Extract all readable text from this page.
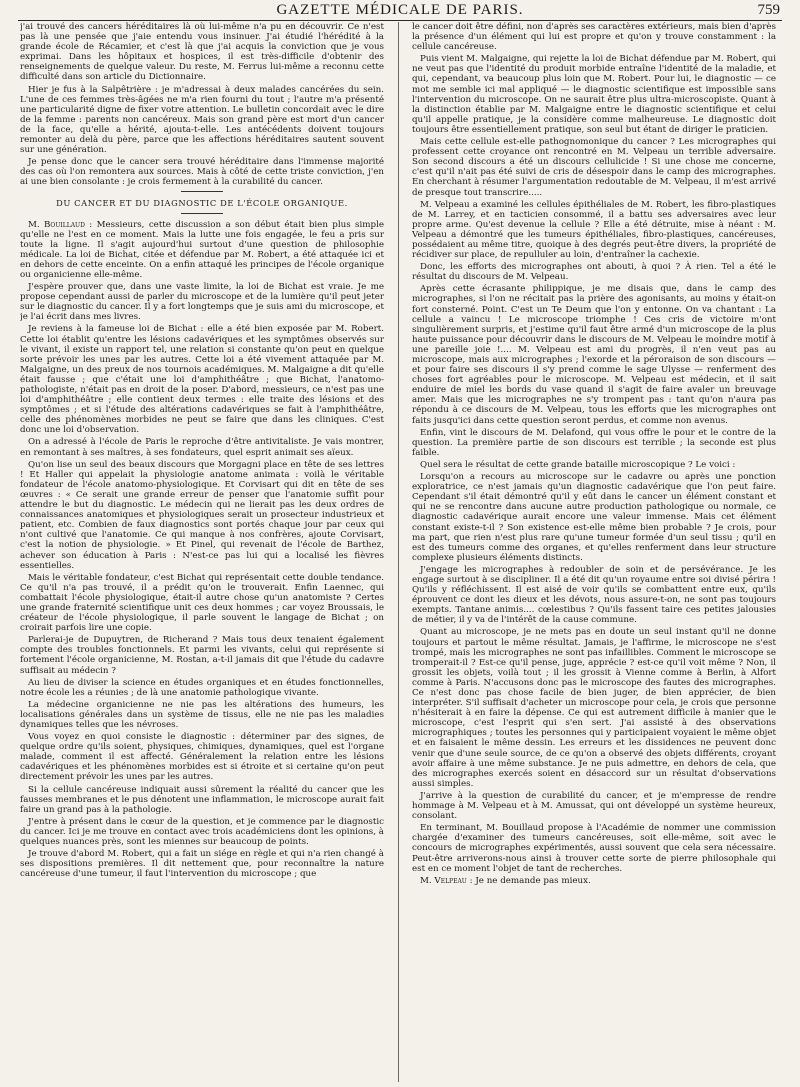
GAZETTE MÉDICALE DE PARIS.	759

j'ai trouvé des cancers héréditaires là où lui-même n'a pu en découvrir. Ce n'est pas là une pensée que j'aie entendu vous insinuer. J'ai étudié l'hérédité à la grande école de Récamier, et c'est là que j'ai acquis la conviction que je vous exprimai. Dans les hôpitaux et hospices, il est très-difficile d'obtenir des renseignements de quelque valeur. Du reste, M. Ferrus lui-même a reconnu cette difficulté dans son article du Dictionnaire.

Hier je fus à la Salpêtrière : je m'adressai à deux malades cancérées du sein. L'une de ces femmes très-âgées ne m'a rien fourni du tout ; l'autre m'a présenté une particularité digne de fixer votre attention. Le bulletin concordait avec le dire de la femme : parents non cancéreux. Mais son grand père est mort d'un cancer de la face, qu'elle a hérité, ajouta-t-elle. Les antécédents doivent toujours remonter au delà du père, parce que les affections héréditaires sautent souvent sur une génération.

Je pense donc que le cancer sera trouvé héréditaire dans l'immense majorité des cas où l'on remontera aux sources. Mais à côté de cette triste conviction, j'en ai une bien consolante : je crois fermement à la curabilité du cancer.

DU CANCER ET DU DIAGNOSTIC DE L'ÉCOLE ORGANIQUE.

M. Bouillaud : Messieurs, cette discussion a son début était bien plus simple qu'elle ne l'est en ce moment. Mais la lutte une fois engagée, le feu a pris sur toute la ligne. Il s'agit aujourd'hui surtout d'une question de philosophie médicale. La loi de Bichat, citée et défendue par M. Robert, a été attaquée ici et en dehors de cette enceinte. On a enfin attaqué les principes de l'école organique ou organicienne elle-même.

J'espère prouver que, dans une vaste limite, la loi de Bichat est vraie. Je me propose cependant aussi de parler du microscope et de la lumière qu'il peut jeter sur le diagnostic du cancer. Il y a fort longtemps que je suis ami du microscope, et je l'ai écrit dans mes livres.

Je reviens à la fameuse loi de Bichat : elle a été bien exposée par M. Robert. Cette loi établit qu'entre les lésions cadavériques et les symptômes observés sur le vivant, il existe un rapport tel, une relation si constante qu'on peut en quelque sorte prévoir les unes par les autres. Cette loi a été vivement attaquée par M. Malgaigne, un des preux de nos tournois académiques. M. Malgaigne a dit qu'elle était fausse ; que c'était une loi d'amphithéâtre ; que Bichat, l'anatomo-pathologiste, n'était pas en droit de la poser. D'abord, messieurs, ce n'est pas une loi d'amphithéâtre ; elle contient deux termes : elle traite des lésions et des symptômes ; et si l'étude des altérations cadavériques se fait à l'amphithéâtre, celle des phénomènes morbides ne peut se faire que dans les cliniques. C'est donc une loi d'observation.

On a adressé à l'école de Paris le reproche d'être antivitaliste. Je vais montrer, en remontant à ses maîtres, à ses fondateurs, quel esprit animait ses aïeux.

Qu'on lise un seul des beaux discours que Morgagni place en tête de ses lettres ! Et Haller qui appelait la physiologie anatome animata : voilà le véritable fondateur de l'école anatomo-physiologique. Et Corvisart qui dit en tête de ses œuvres : « Ce serait une grande erreur de penser que l'anatomie suffit pour attendre le but du diagnostic. Le médecin qui ne lierait pas les deux ordres de connaissances anatomiques et physiologiques serait un prosecteur industrieux et patient, etc. Combien de faux diagnostics sont portés chaque jour par ceux qui n'ont cultivé que l'anatomie. Ce qui manque à nos confrères, ajoute Corvisart, c'est la notion de physiologie. » Et Pinel, qui revenait de l'école de Barthez, achever son éducation à Paris : N'est-ce pas lui qui a localisé les fièvres essentielles.

Mais le véritable fondateur, c'est Bichat qui représentait cette double tendance. Ce qu'il n'a pas trouvé, il a prédit qu'on le trouverait. Enfin Laennec, qui combattait l'école physiologique, était-il autre chose qu'un anatomiste ? Certes une grande fraternité scientifique unit ces deux hommes ; car voyez Broussais, le créateur de l'école physiologique, il parle souvent le langage de Bichat ; on croirait parfois lire une copie.

Parlerai-je de Dupuytren, de Richerand ? Mais tous deux tenaient également compte des troubles fonctionnels. Et parmi les vivants, celui qui représente si fortement l'école organicienne, M. Rostan, a-t-il jamais dit que l'étude du cadavre suffisait au médecin ?

Au lieu de diviser la science en études organiques et en études fonctionnelles, notre école les a réunies ; de là une anatomie pathologique vivante.

La médecine organicienne ne nie pas les altérations des humeurs, les localisations générales dans un système de tissus, elle ne nie pas les maladies dynamiques telles que les névroses.

Vous voyez en quoi consiste le diagnostic : déterminer par des signes, de quelque ordre qu'ils soient, physiques, chimiques, dynamiques, quel est l'organe malade, comment il est affecté. Généralement la relation entre les lésions cadavériques et les phénomènes morbides est si étroite et si certaine qu'on peut directement prévoir les unes par les autres.

Si la cellule cancéreuse indiquait aussi sûrement la réalité du cancer que les fausses membranes et le pus dénotent une inflammation, le microscope aurait fait faire un grand pas à la pathologie.

J'entre à présent dans le cœur de la question, et je commence par le diagnostic du cancer. Ici je me trouve en contact avec trois académiciens dont les opinions, à quelques nuances près, sont les miennes sur beaucoup de points.

Je trouve d'abord M. Robert, qui a fait un siége en règle et qui n'a rien changé à ses dispositions premières. Il dit nettement que, pour reconnaître la nature cancéreuse d'une tumeur, il faut l'intervention du microscope ; que

le cancer doit être défini, non d'après ses caractères extérieurs, mais bien d'après la présence d'un élément qui lui est propre et qu'on y trouve constamment : la cellule cancéreuse.

Puis vient M. Malgaigne, qui rejette la loi de Bichat défendue par M. Robert, qui ne veut pas que l'identité du produit morbide entraîne l'identité de la maladie, et qui, cependant, va beaucoup plus loin que M. Robert. Pour lui, le diagnostic — ce mot me semble ici mal appliqué — le diagnostic scientifique est impossible sans l'intervention du microscope. On ne saurait être plus ultra-microscopiste. Quant à la distinction établie par M. Malgaigne entre le diagnostic scientifique et celui qu'il appelle pratique, je la considère comme malheureuse. Le diagnostic doit toujours être essentiellement pratique, son seul but étant de diriger le praticien.

Mais cette cellule est-elle pathognomonique du cancer ? Les micrographes qui professent cette croyance ont rencontré en M. Velpeau un terrible adversaire. Son second discours a été un discours cellulicide ! Si une chose me concerne, c'est qu'il n'ait pas été suivi de cris de désespoir dans le camp des micrographes. En cherchant à résumer l'argumentation redoutable de M. Velpeau, il m'est arrivé de presque tout transcrire.....

M. Velpeau a examiné les cellules épithéliales de M. Robert, les fibro-plastiques de M. Larrey, et en tacticien consommé, il a battu ses adversaires avec leur propre arme. Qu'est devenue la cellule ? Elle a été détruite, mise à néant : M. Velpeau a démontré que les tumeurs épithéliales, fibro-plastiques, cancéreuses, possédaient au même titre, quoique à des degrés peut-être divers, la propriété de récidiver sur place, de repulluler au loin, d'entraîner la cachexie.

Donc, les efforts des micrographes ont abouti, à quoi ? À rien. Tel a été le résultat du discours de M. Velpeau.

Après cette écrasante philippique, je me disais que, dans le camp des micrographes, si l'on ne récitait pas la prière des agonisants, au moins y était-on fort consterné. Point. C'est un Te Deum que l'on y entonne. On va chantant : La cellule a vaincu ! Le microscope triomphe ! Ces cris de victoire m'ont singulièrement surpris, et j'estime qu'il faut être armé d'un microscope de la plus haute puissance pour découvrir dans le discours de M. Velpeau le moindre motif à une pareille joie !.... M. Velpeau est ami du progrès, il n'en veut pas au microscope, mais aux micrographes ; l'exorde et la péroraison de son discours — et pour faire ses discours il s'y prend comme le sage Ulysse — renferment des choses fort agréables pour le microscope. M. Velpeau est médecin, et il sait enduire de miel les bords du vase quand il s'agit de faire avaler un breuvage amer. Mais que les micrographes ne s'y trompent pas : tant qu'on n'aura pas répondu à ce discours de M. Velpeau, tous les efforts que les micrographes ont faits jusqu'ici dans cette question seront perdus, et comme non avenus.

Enfin, vint le discours de M. Delafond, qui vous offre le pour et le contre de la question. La première partie de son discours est terrible ; la seconde est plus faible.

Quel sera le résultat de cette grande bataille microscopique ? Le voici :

Lorsqu'on a recours au microscope sur le cadavre ou après une ponction exploratrice, ce n'est jamais qu'un diagnostic cadavérique que l'on peut faire. Cependant s'il était démontré qu'il y eût dans le cancer un élément constant et qui ne se rencontre dans aucune autre production pathologique ou normale, ce diagnostic cadavérique aurait encore une valeur immense. Mais cet élément constant existe-t-il ? Son existence est-elle même bien probable ? Je crois, pour ma part, que rien n'est plus rare qu'une tumeur formée d'un seul tissu ; qu'il en est des tumeurs comme des organes, et qu'elles renferment dans leur structure complexe plusieurs éléments distincts.

J'engage les micrographes à redoubler de soin et de persévérance. Je les engage surtout à se discipliner. Il a été dit qu'un royaume entre soi divisé périra ! Qu'ils y réfléchissent. Il est aisé de voir qu'ils se combattent entre eux, qu'ils éprouvent ce dont les dieux et les dévots, nous assure-t-on, ne sont pas toujours exempts. Tantane animis.... cœlestibus ? Qu'ils fassent taire ces petites jalousies de métier, il y va de l'intérêt de la cause commune.

Quant au microscope, je ne mets pas en doute un seul instant qu'il ne donne toujours et partout le même résultat. Jamais, je l'affirme, le microscope ne s'est trompé, mais les micrographes ne sont pas infaillibles. Comment le microscope se tromperait-il ? Est-ce qu'il pense, juge, apprécie ? est-ce qu'il voit même ? Non, il grossit les objets, voilà tout ; il les grossit à Vienne comme à Berlin, à Alfort comme à Paris. N'accusons donc pas le microscope des fautes des micrographes. Ce n'est donc pas chose facile de bien juger, de bien apprécier, de bien interpréter. S'il suffisait d'acheter un microscope pour cela, je crois que personne n'hésiterait à en faire la dépense. Ce qui est autrement difficile à manier que le microscope, c'est l'esprit qui s'en sert. J'ai assisté à des observations micrographiques ; toutes les personnes qui y participaient voyaient le même objet et en faisaient le même dessin. Les erreurs et les dissidences ne peuvent donc venir que d'une seule source, de ce qu'on a observé des objets différents, croyant avoir affaire à une même substance. Je ne puis admettre, en dehors de cela, que des micrographes exercés soient en désaccord sur un résultat d'observations aussi simples.

J'arrive à la question de curabilité du cancer, et je m'empresse de rendre hommage à M. Velpeau et à M. Amussat, qui ont développé un système heureux, consolant.

En terminant, M. Bouillaud propose à l'Académie de nommer une commission chargée d'examiner des tumeurs cancéreuses, soit elle-même, soit avec le concours de micrographes expérimentés, aussi souvent que cela sera nécessaire. Peut-être arriverons-nous ainsi à trouver cette sorte de pierre philosophale qui est en ce moment l'objet de tant de recherches.

M. Velpeau : Je ne demande pas mieux.
